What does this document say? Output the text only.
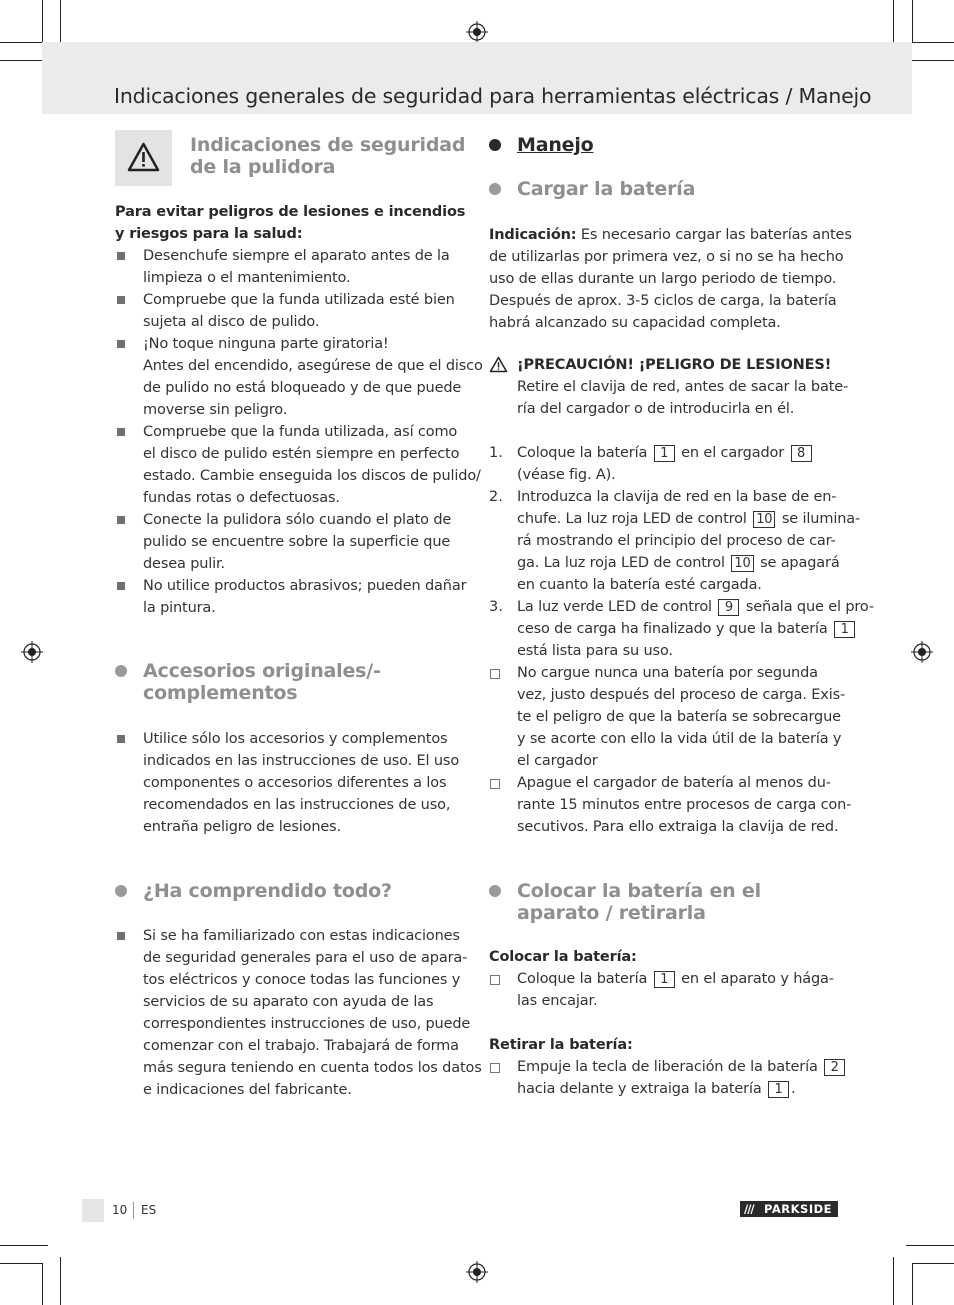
Indicaciones generales de seguridad para herramientas eléctricas / Manejo
Indicaciones de seguridad
de la pulidora
Para evitar peligros de lesiones e incendios
y riesgos para la salud:
Desenchufe siempre el aparato antes de la
limpieza o el mantenimiento.
Compruebe que la funda utilizada esté bien
sujeta al disco de pulido.
¡No toque ninguna parte giratoria!
Antes del encendido, asegúrese de que el disco
de pulido no está bloqueado y de que puede
moverse sin peligro.
Compruebe que la funda utilizada, así como
el disco de pulido estén siempre en perfecto
estado. Cambie enseguida los discos de pulido/
fundas rotas o defectuosas.
Conecte la pulidora sólo cuando el plato de
pulido se encuentre sobre la superficie que
desea pulir.
No utilice productos abrasivos; pueden dañar
la pintura.
Accesorios originales/-
complementos
Utilice sólo los accesorios y complementos
indicados en las instrucciones de uso. El uso
componentes o accesorios diferentes a los
recomendados en las instrucciones de uso,
entraña peligro de lesiones.
¿Ha comprendido todo?
Si se ha familiarizado con estas indicaciones
de seguridad generales para el uso de apara-
tos eléctricos y conoce todas las funciones y
servicios de su aparato con ayuda de las
correspondientes instrucciones de uso, puede
comenzar con el trabajo. Trabajará de forma
más segura teniendo en cuenta todos los datos
e indicaciones del fabricante.
Manejo
Cargar la batería
Indicación: Es necesario cargar las baterías antes
de utilizarlas por primera vez, o si no se ha hecho
uso de ellas durante un largo periodo de tiempo.
Después de aprox. 3-5 ciclos de carga, la batería
habrá alcanzado su capacidad completa.
¡PRECAUCIÓN! ¡PELIGRO DE LESIONES!
Retire el clavija de red, antes de sacar la bate-
ría del cargador o de introducirla en él.
1. Coloque la batería 1 en el cargador 8
(véase fig. A).
2. Introduzca la clavija de red en la base de en-
chufe. La luz roja LED de control 10 se ilumina-
rá mostrando el principio del proceso de car-
ga. La luz roja LED de control 10 se apagará
en cuanto la batería esté cargada.
3. La luz verde LED de control 9 señala que el pro-
ceso de carga ha finalizado y que la batería 1
está lista para su uso.
No cargue nunca una batería por segunda
vez, justo después del proceso de carga. Exis-
te el peligro de que la batería se sobrecargue
y se acorte con ello la vida útil de la batería y
el cargador
Apague el cargador de batería al menos du-
rante 15 minutos entre procesos de carga con-
secutivos. Para ello extraiga la clavija de red.
Colocar la batería en el
aparato / retirarla
Colocar la batería:
Coloque la batería 1 en el aparato y hága-
las encajar.
Retirar la batería:
Empuje la tecla de liberación de la batería 2
hacia delante y extraiga la batería 1 .
10 ES	/// PARKSIDE
